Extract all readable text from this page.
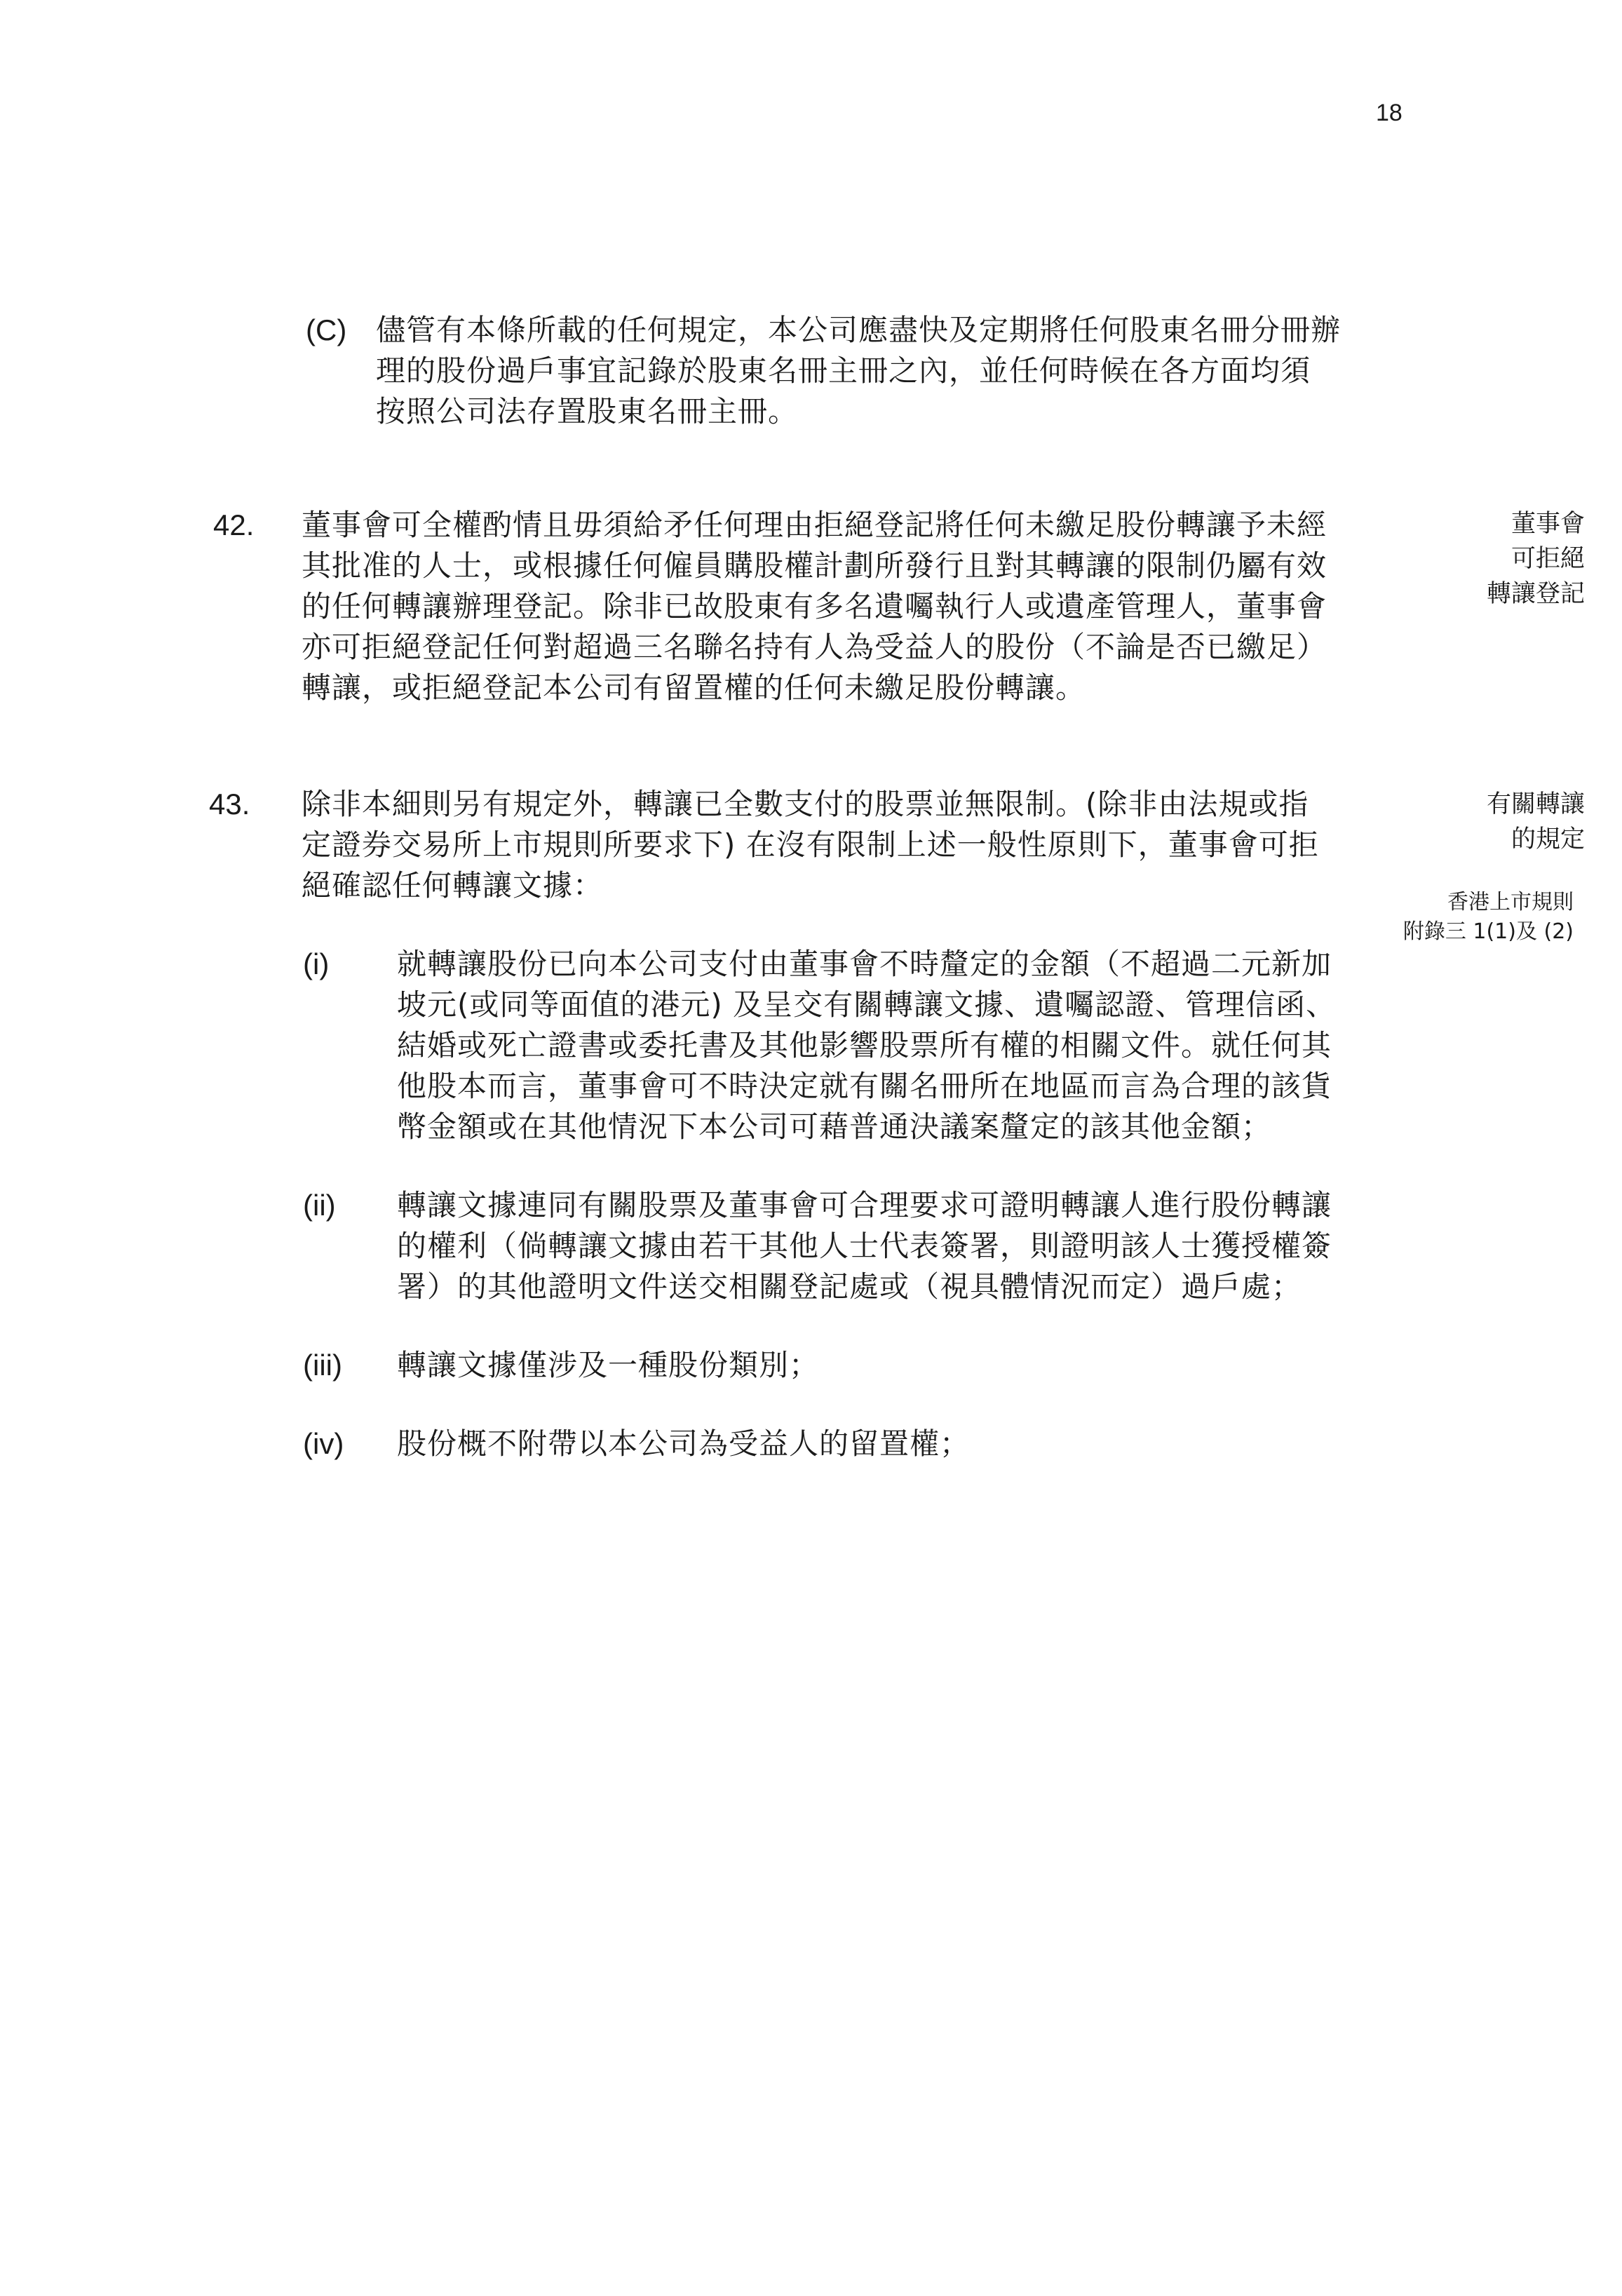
18
(C) 儘管有本條所載的任何規定，本公司應盡快及定期將任何股東名冊分冊辦
理的股份過戶事宜記錄於股東名冊主冊之內，並任何時候在各方面均須
按照公司法存置股東名冊主冊。
42. 董事會可全權酌情且毋須給矛任何理由拒絕登記將任何未繳足股份轉讓予未經
其批准的人士，或根據任何僱員購股權計劃所發行且對其轉讓的限制仍屬有效
的任何轉讓辦理登記。除非已故股東有多名遺囑執行人或遺產管理人，董事會
亦可拒絕登記任何對超過三名聯名持有人為受益人的股份（不論是否已繳足）
轉讓，或拒絕登記本公司有留置權的任何未繳足股份轉讓。
董事會
可拒絕
轉讓登記
43. 除非本細則另有規定外，轉讓已全數支付的股票並無限制。(除非由法規或指
定證券交易所上市規則所要求下) 在沒有限制上述一般性原則下，董事會可拒
絕確認任何轉讓文據：
有關轉讓
的規定
香港上市規則
附錄三 1(1)及 (2)
(i) 就轉讓股份已向本公司支付由董事會不時釐定的金額（不超過二元新加
坡元(或同等面值的港元) 及呈交有關轉讓文據、遺囑認證、管理信函、
結婚或死亡證書或委托書及其他影響股票所有權的相關文件。就任何其
他股本而言，董事會可不時決定就有關名冊所在地區而言為合理的該貨
幣金額或在其他情況下本公司可藉普通決議案釐定的該其他金額；
(ii) 轉讓文據連同有關股票及董事會可合理要求可證明轉讓人進行股份轉讓
的權利（倘轉讓文據由若干其他人士代表簽署，則證明該人士獲授權簽
署）的其他證明文件送交相關登記處或（視具體情況而定）過戶處；
(iii) 轉讓文據僅涉及一種股份類別；
(iv) 股份概不附帶以本公司為受益人的留置權；
